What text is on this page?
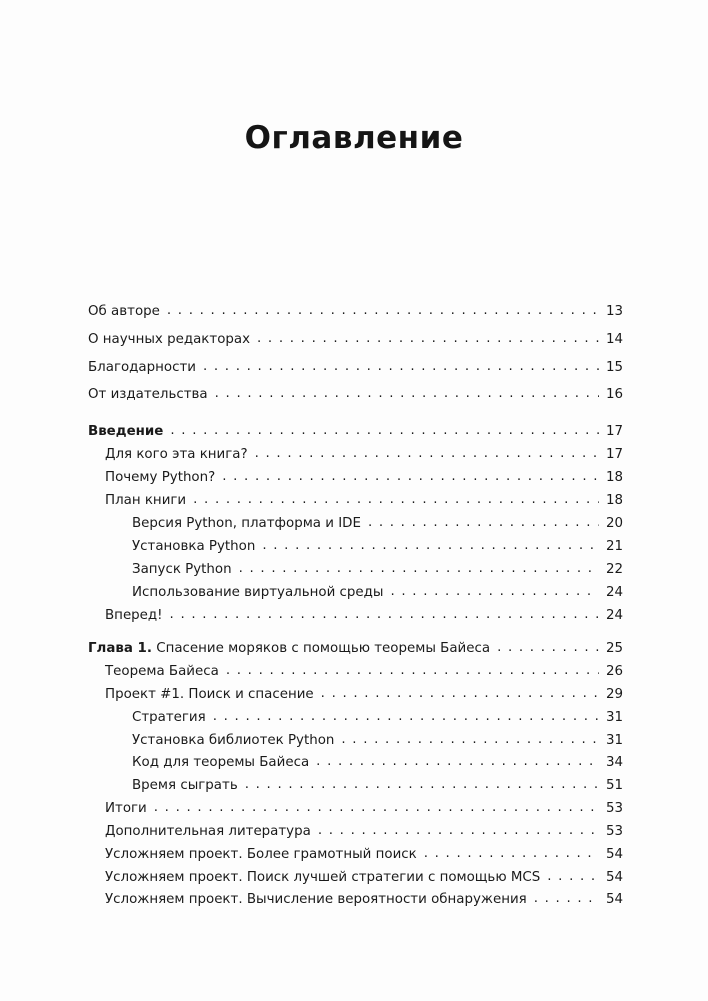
Оглавление
Об авторе . . .	13
О научных редакторах . . .	14
Благодарности . . .	15
От издательства . . .	16
Введение . . .	17
Для кого эта книга? . . .	17
Почему Python? . . .	18
План книги . . .	18
Версия Python, платформа и IDE . . .	20
Установка Python . . .	21
Запуск Python . . .	22
Использование виртуальной среды . . .	24
Вперед! . . .	24
Глава 1. Спасение моряков с помощью теоремы Байеса . . .	25
Теорема Байеса . . .	26
Проект #1. Поиск и спасение . . .	29
Стратегия . . .	31
Установка библиотек Python . . .	31
Код для теоремы Байеса . . .	34
Время сыграть . . .	51
Итоги . . .	53
Дополнительная литература . . .	53
Усложняем проект. Более грамотный поиск . . .	54
Усложняем проект. Поиск лучшей стратегии с помощью MCS . . .	54
Усложняем проект. Вычисление вероятности обнаружения . . .	54
